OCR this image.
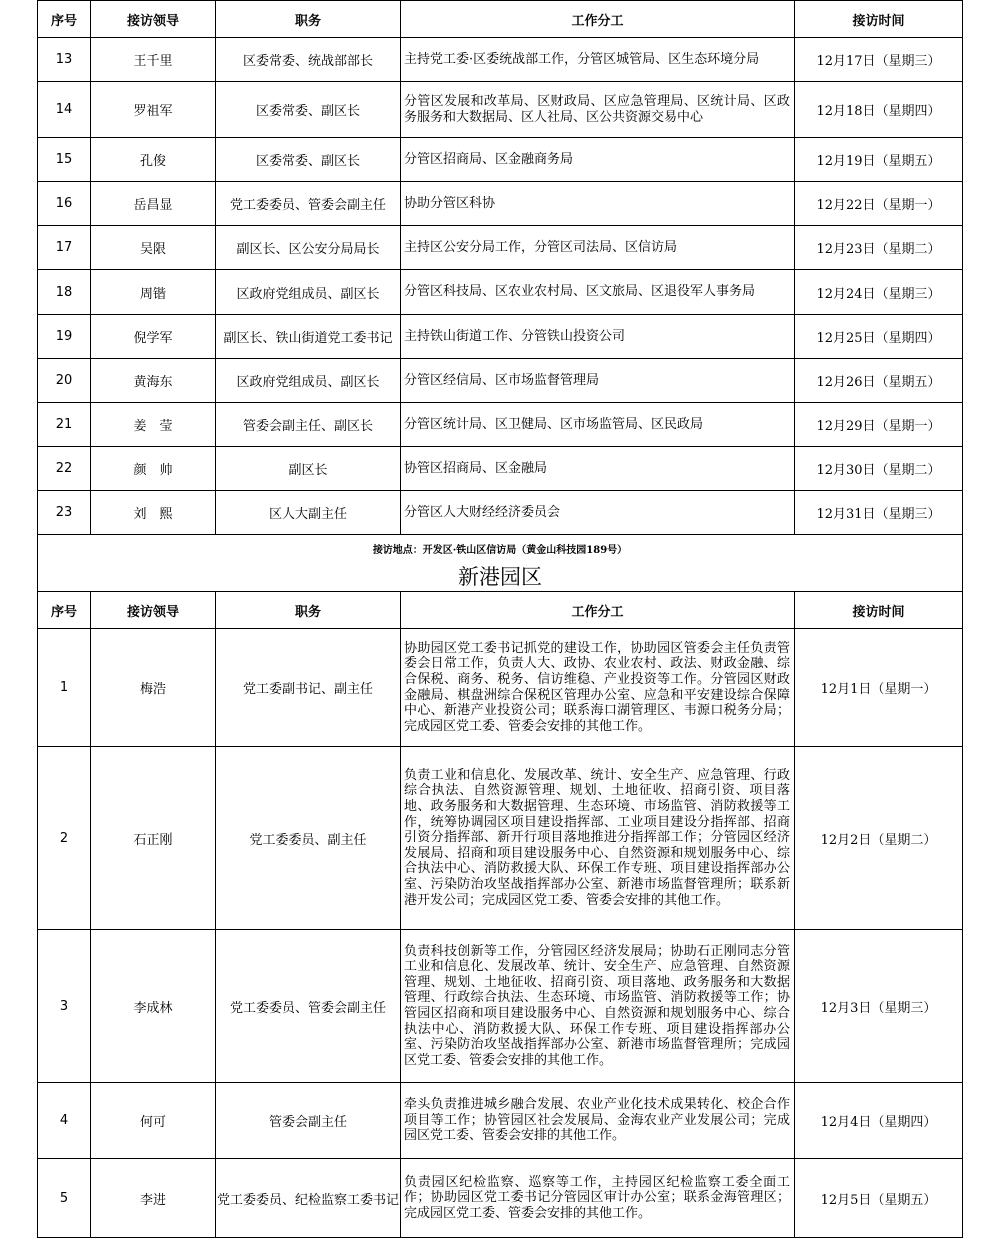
序号	接访领导	职务	工作分工	接访时间
13	王千里	区委常委、统战部部长	主持党工委·区委统战部工作，分管区城管局、区生态环境分局	12月17日（星期三）
14	罗祖军	区委常委、副区长	分管区发展和改革局、区财政局、区应急管理局、区统计局、区政务服务和大数据局、区人社局、区公共资源交易中心	12月18日（星期四）
15	孔俊	区委常委、副区长	分管区招商局、区金融商务局	12月19日（星期五）
16	岳昌显	党工委委员、管委会副主任	协助分管区科协	12月22日（星期一）
17	吴限	副区长、区公安分局局长	主持区公安分局工作，分管区司法局、区信访局	12月23日（星期二）
18	周锴	区政府党组成员、副区长	分管区科技局、区农业农村局、区文旅局、区退役军人事务局	12月24日（星期三）
19	倪学军	副区长、铁山街道党工委书记	主持铁山街道工作、分管铁山投资公司	12月25日（星期四）
20	黄海东	区政府党组成员、副区长	分管区经信局、区市场监督管理局	12月26日（星期五）
21	姜　莹	管委会副主任、副区长	分管区统计局、区卫健局、区市场监管局、区民政局	12月29日（星期一）
22	颜　帅	副区长	协管区招商局、区金融局	12月30日（星期二）
23	刘　熙	区人大副主任	分管区人大财经经济委员会	12月31日（星期三）
接访地点：开发区·铁山区信访局（黄金山科技园189号）				
新港园区				
序号	接访领导	职务	工作分工	接访时间
1	梅浩	党工委副书记、副主任	协助园区党工委书记抓党的建设工作，协助园区管委会主任负责管委会日常工作，负责人大、政协、农业农村、政法、财政金融、综合保税、商务、税务、信访维稳、产业投资等工作。分管园区财政金融局、棋盘洲综合保税区管理办公室、应急和平安建设综合保障中心、新港产业投资公司；联系海口湖管理区、韦源口税务分局；完成园区党工委、管委会安排的其他工作。	12月1日（星期一）
2	石正刚	党工委委员、副主任	负责工业和信息化、发展改革、统计、安全生产、应急管理、行政综合执法、自然资源管理、规划、土地征收、招商引资、项目落地、政务服务和大数据管理、生态环境、市场监管、消防救援等工作，统筹协调园区项目建设指挥部、工业项目建设分指挥部、招商引资分指挥部、新开行项目落地推进分指挥部工作；分管园区经济发展局、招商和项目建设服务中心、自然资源和规划服务中心、综合执法中心、消防救援大队、环保工作专班、项目建设指挥部办公室、污染防治攻坚战指挥部办公室、新港市场监督管理所；联系新港开发公司；完成园区党工委、管委会安排的其他工作。	12月2日（星期二）
3	李成林	党工委委员、管委会副主任	负责科技创新等工作，分管园区经济发展局；协助石正刚同志分管工业和信息化、发展改革、统计、安全生产、应急管理、自然资源管理、规划、土地征收、招商引资、项目落地、政务服务和大数据管理、行政综合执法、生态环境、市场监管、消防救援等工作；协管园区招商和项目建设服务中心、自然资源和规划服务中心、综合执法中心、消防救援大队、环保工作专班、项目建设指挥部办公室、污染防治攻坚战指挥部办公室、新港市场监督管理所；完成园区党工委、管委会安排的其他工作。	12月3日（星期三）
4	何可	管委会副主任	牵头负责推进城乡融合发展、农业产业化技术成果转化、校企合作项目等工作；协管园区社会发展局、金海农业产业发展公司；完成园区党工委、管委会安排的其他工作。	12月4日（星期四）
5	李进	党工委委员、纪检监察工委书记	负责园区纪检监察、巡察等工作，主持园区纪检监察工委全面工作；协助园区党工委书记分管园区审计办公室；联系金海管理区；完成园区党工委、管委会安排的其他工作。	12月5日（星期五）
